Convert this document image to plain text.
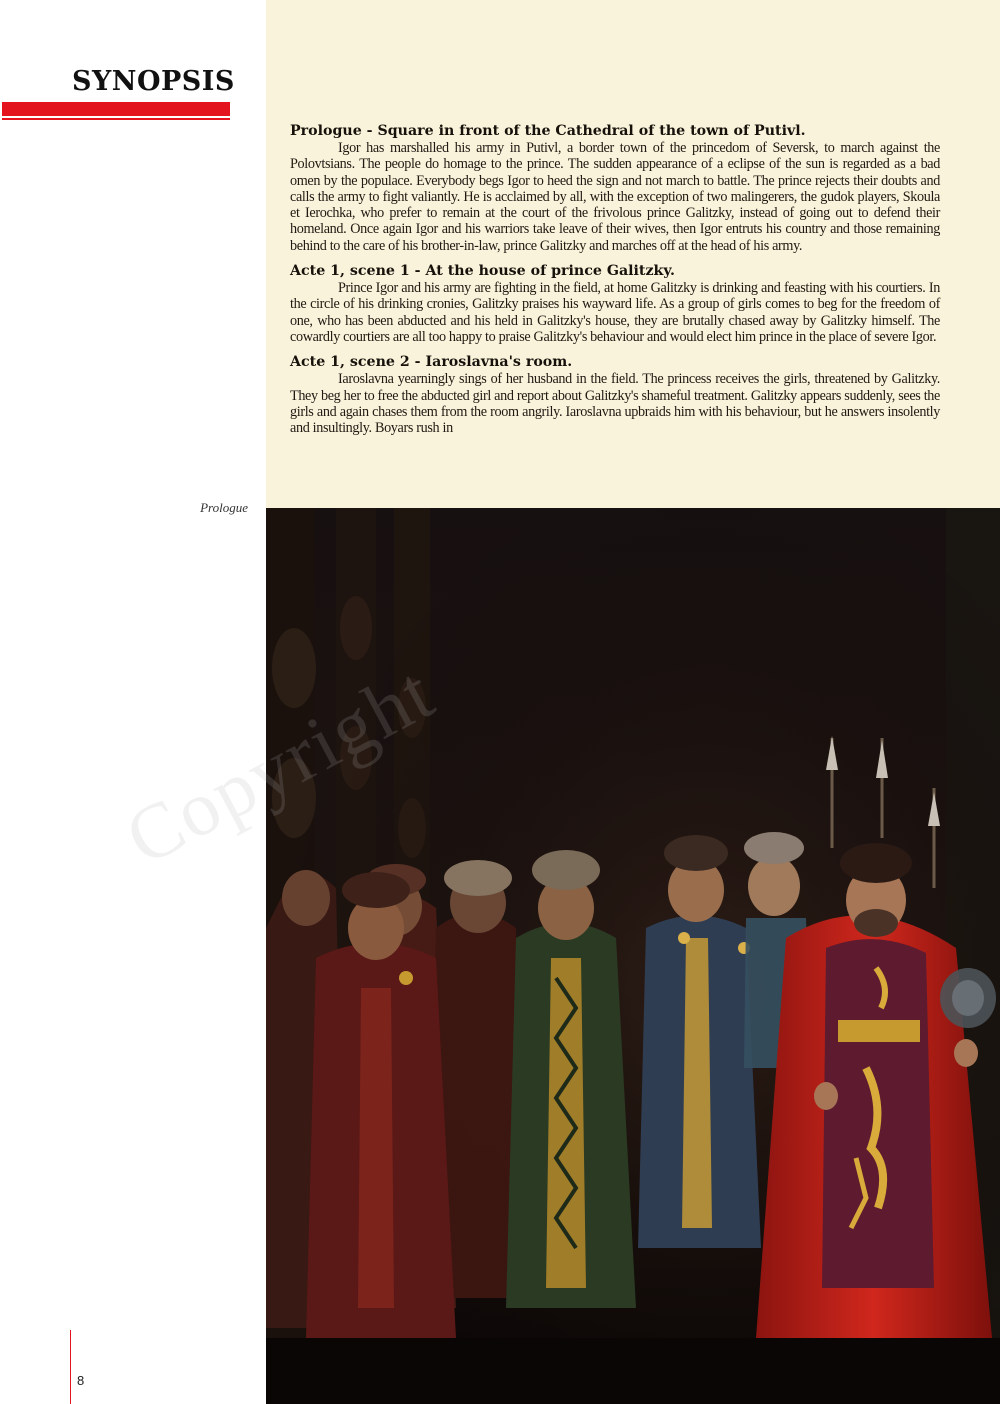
SYNOPSIS
Prologue
8
Prologue - Square in front of the Cathedral of the town of Putivl.

Igor has marshalled his army in Putivl, a border town of the princedom of Seversk, to march against the Polovtsians. The people do homage to the prince. The sudden appearance of a eclipse of the sun is regarded as a bad omen by the populace. Everybody begs Igor to heed the sign and not march to battle. The prince rejects their doubts and calls the army to fight valiantly. He is acclaimed by all, with the exception of two malingerers, the gudok players, Skoula et Ierochka, who prefer to remain at the court of the frivolous prince Galitzky, instead of going out to defend their homeland. Once again Igor and his warriors take leave of their wives, then Igor entruts his country and those remaining behind to the care of his brother-in-law, prince Galitzky and marches off at the head of his army.

Acte 1, scene 1 - At the house of prince Galitzky.

Prince Igor and his army are fighting in the field, at home Galitzky is drinking and feasting with his courtiers. In the circle of his drinking cronies, Galitzky praises his wayward life. As a group of girls comes to beg for the freedom of one, who has been abducted and his held in Galitzky's house, they are brutally chased away by Galitzky himself. The cowardly courtiers are all too happy to praise Galitzky's behaviour and would elect him prince in the place of severe Igor.

Acte 1, scene 2 - Iaroslavna's room.

Iaroslavna yearningly sings of her husband in the field. The princess receives the girls, threatened by Galitzky. They beg her to free the abducted girl and report about Galitzky's shameful treatment. Galitzky appears suddenly, sees the girls and again chases them from the room angrily. Iaroslavna upbraids him with his behaviour, but he answers insolently and insultingly. Boyars rush in
